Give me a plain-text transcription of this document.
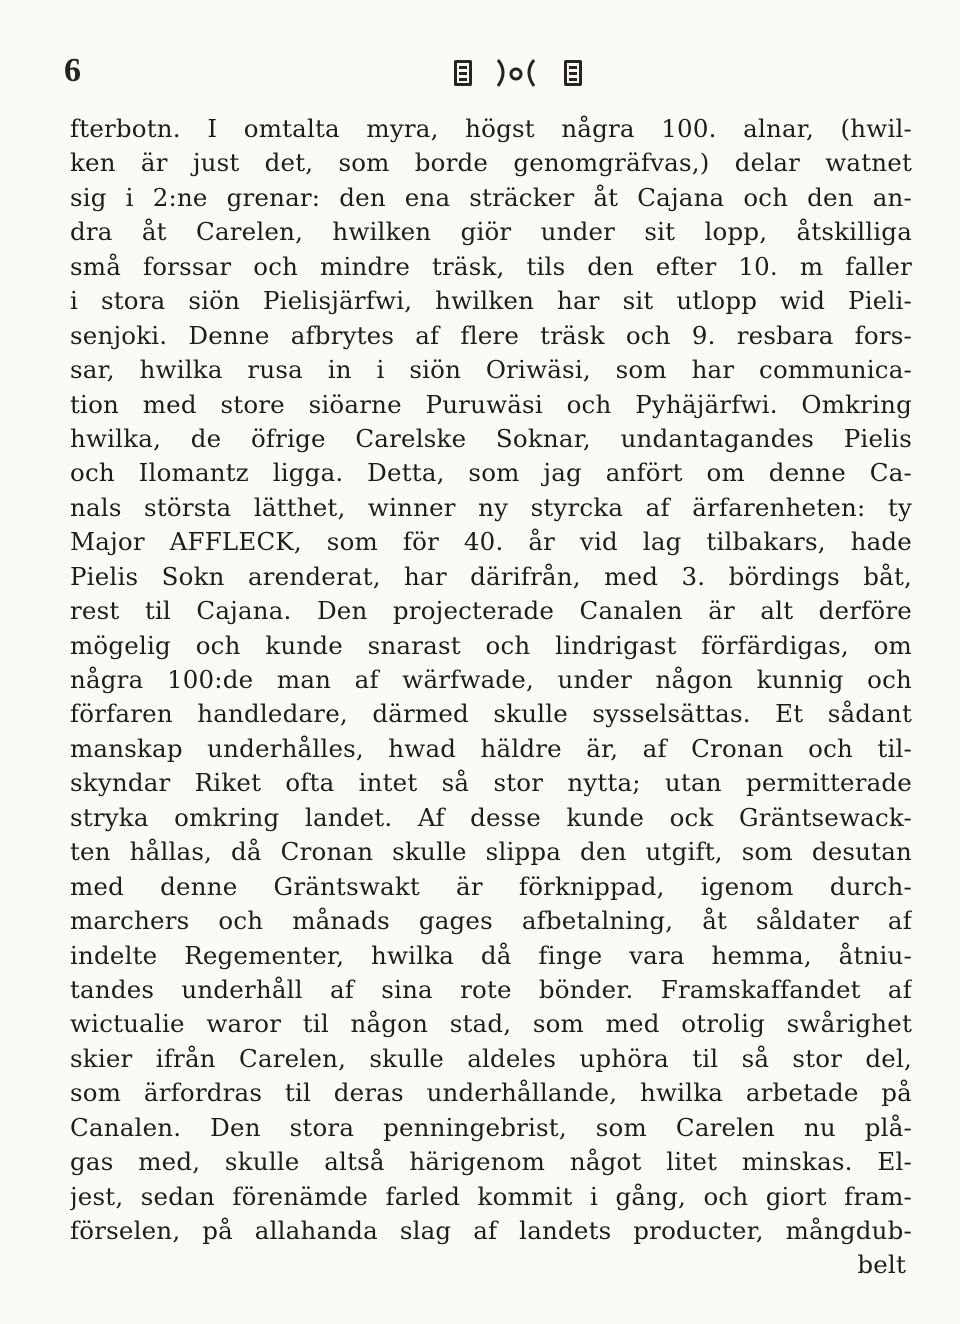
6
fterbotn. I omtalta myra, högst några 100. alnar, (hwil-
ken är just det, som borde genomgräfvas,) delar watnet
sig i 2:ne grenar: den ena sträcker åt Cajana och den an-
dra åt Carelen, hwilken giör under sit lopp, åtskilliga
små forssar och mindre träsk, tils den efter 10. m faller
i stora siön Pielisjärfwi, hwilken har sit utlopp wid Pieli-
senjoki. Denne afbrytes af flere träsk och 9. resbara fors-
sar, hwilka rusa in i siön Oriwäsi, som har communica-
tion med store siöarne Puruwäsi och Pyhäjärfwi. Omkring
hwilka, de öfrige Carelske Soknar, undantagandes Pielis
och Ilomantz ligga. Detta, som jag anfört om denne Ca-
nals största lätthet, winner ny styrcka af ärfarenheten: ty
Major AFFLECK, som för 40. år vid lag tilbakars, hade
Pielis Sokn arenderat, har därifrån, med 3. bördings båt,
rest til Cajana. Den projecterade Canalen är alt derföre
mögelig och kunde snarast och lindrigast förfärdigas, om
några 100:de man af wärfwade, under någon kunnig och
förfaren handledare, därmed skulle sysselsättas. Et sådant
manskap underhålles, hwad häldre är, af Cronan och til-
skyndar Riket ofta intet så stor nytta; utan permitterade
stryka omkring landet. Af desse kunde ock Gräntsewack-
ten hållas, då Cronan skulle slippa den utgift, som desutan
med denne Gräntswakt är förknippad, igenom durch-
marchers och månads gages afbetalning, åt såldater af
indelte Regementer, hwilka då finge vara hemma, åtniu-
tandes underhåll af sina rote bönder. Framskaffandet af
wictualie waror til någon stad, som med otrolig swårighet
skier ifrån Carelen, skulle aldeles uphöra til så stor del,
som ärfordras til deras underhållande, hwilka arbetade på
Canalen. Den stora penningebrist, som Carelen nu plå-
gas med, skulle altså härigenom något litet minskas. El-
jest, sedan förenämde farled kommit i gång, och giort fram-
förselen, på allahanda slag af landets producter, mångdub-
belt
